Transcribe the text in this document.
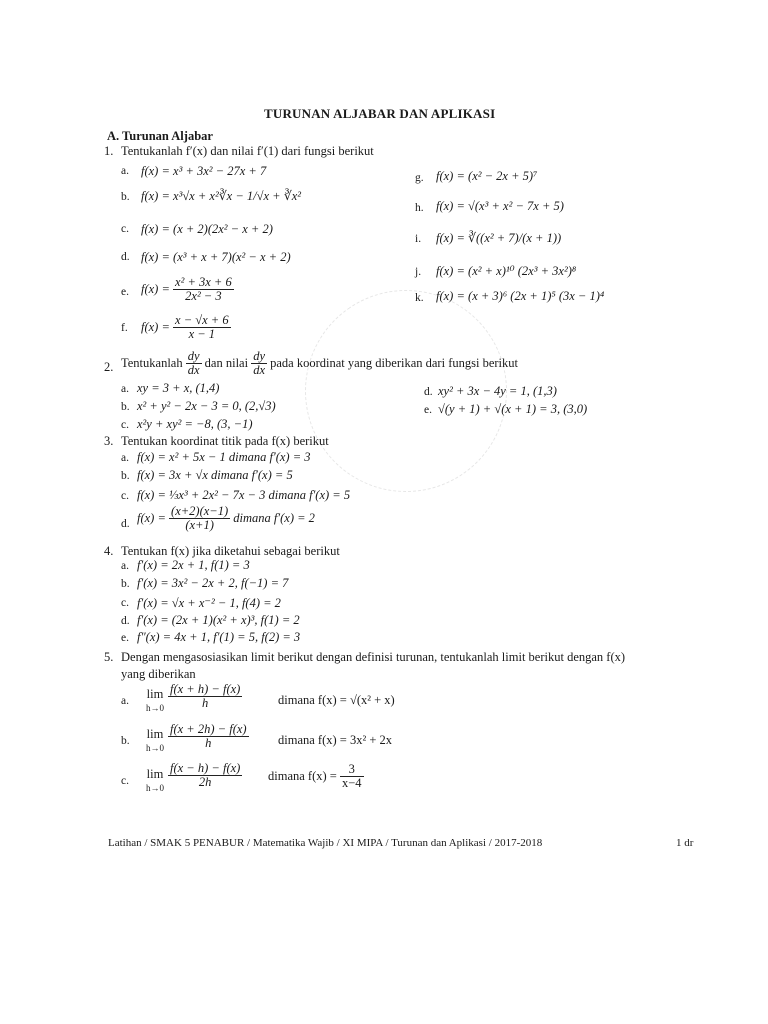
TURUNAN ALJABAR DAN APLIKASI
A. Turunan Aljabar
1. Tentukanlah f′(x) dan nilai f′(1) dari fungsi berikut
a. f(x) = x³ + 3x² − 27x + 7
b. f(x) = x³√x + x²∛x − 1/√x + ∛x²
c. f(x) = (x + 2)(2x² − x + 2)
d. f(x) = (x³ + x + 7)(x² − x + 2)
e. $f(x) = \frac{\text{x² + 3x + 6}}{\text{2x² − 3}}$
f. $f(x) = \frac{x - √x + 6}{x - 1}$
g. f(x) = (x² − 2x + 5)⁷
h. f(x) = √(x³ + x² − 7x + 5)
i. f(x) = ∛((x² + 7)/(x + 1))
j. f(x) = (x² + x)¹⁰ (2x³ + 3x²)⁸
k. f(x) = (x + 3)⁶ (2x + 1)⁵ (3x − 1)⁴
2. Tentukanlah $\frac{dy}{dx}$ dan nilai $\frac{dy}{dx}$ pada koordinat yang diberikan dari fungsi berikut
a. xy = 3 + x, (1,4)
b. x² + y² − 2x − 3 = 0, (2,√3)
c. x²y + xy² = −8, (3, −1)
d. xy² + 3x − 4y = 1, (1,3)
e. √(y + 1) + √(x + 1) = 3, (3,0)
3. Tentukan koordinat titik pada f(x) berikut
a. f(x) = x² + 5x − 1 dimana f′(x) = 3
b. f(x) = 3x + √x dimana f′(x) = 5
c. f(x) = ⅓x³ + 2x² − 7x − 3 dimana f′(x) = 5
d. $f(x) = \frac{(x+2)(x-1)}{(x+1)}$ dimana f′(x) = 2
4. Tentukan f(x) jika diketahui sebagai berikut
a. f′(x) = 2x + 1, f(1) = 3
b. f′(x) = 3x² − 2x + 2, f(−1) = 7
c. f′(x) = √x + x⁻² − 1, f(4) = 2
d. f′(x) = (2x + 1)(x² + x)³, f(1) = 2
e. f″(x) = 4x + 1, f′(1) = 5, f(2) = 3
5. Dengan mengasosiasikan limit berikut dengan definisi turunan, tentukanlah limit berikut dengan f(x)
yang diberikan
a. lim
$h\to 0 \frac{f(x + h) - f(x)}{h}$	dimana f(x) = √(x² + x)
b. lim
$h\to 0 \frac{f(x + 2h) - f(x)}{h}$ dimana f(x) = 3x² + 2x
c. lim
$h\to 0 \frac{f(x - h) - f(x)}{2h}$ dimana $f(x) = \frac{3}{x-4}$
Latihan / SMAK 5 PENABUR / Matematika Wajib / XI MIPA / Turunan dan Aplikasi / 2017-2018	1 dr
